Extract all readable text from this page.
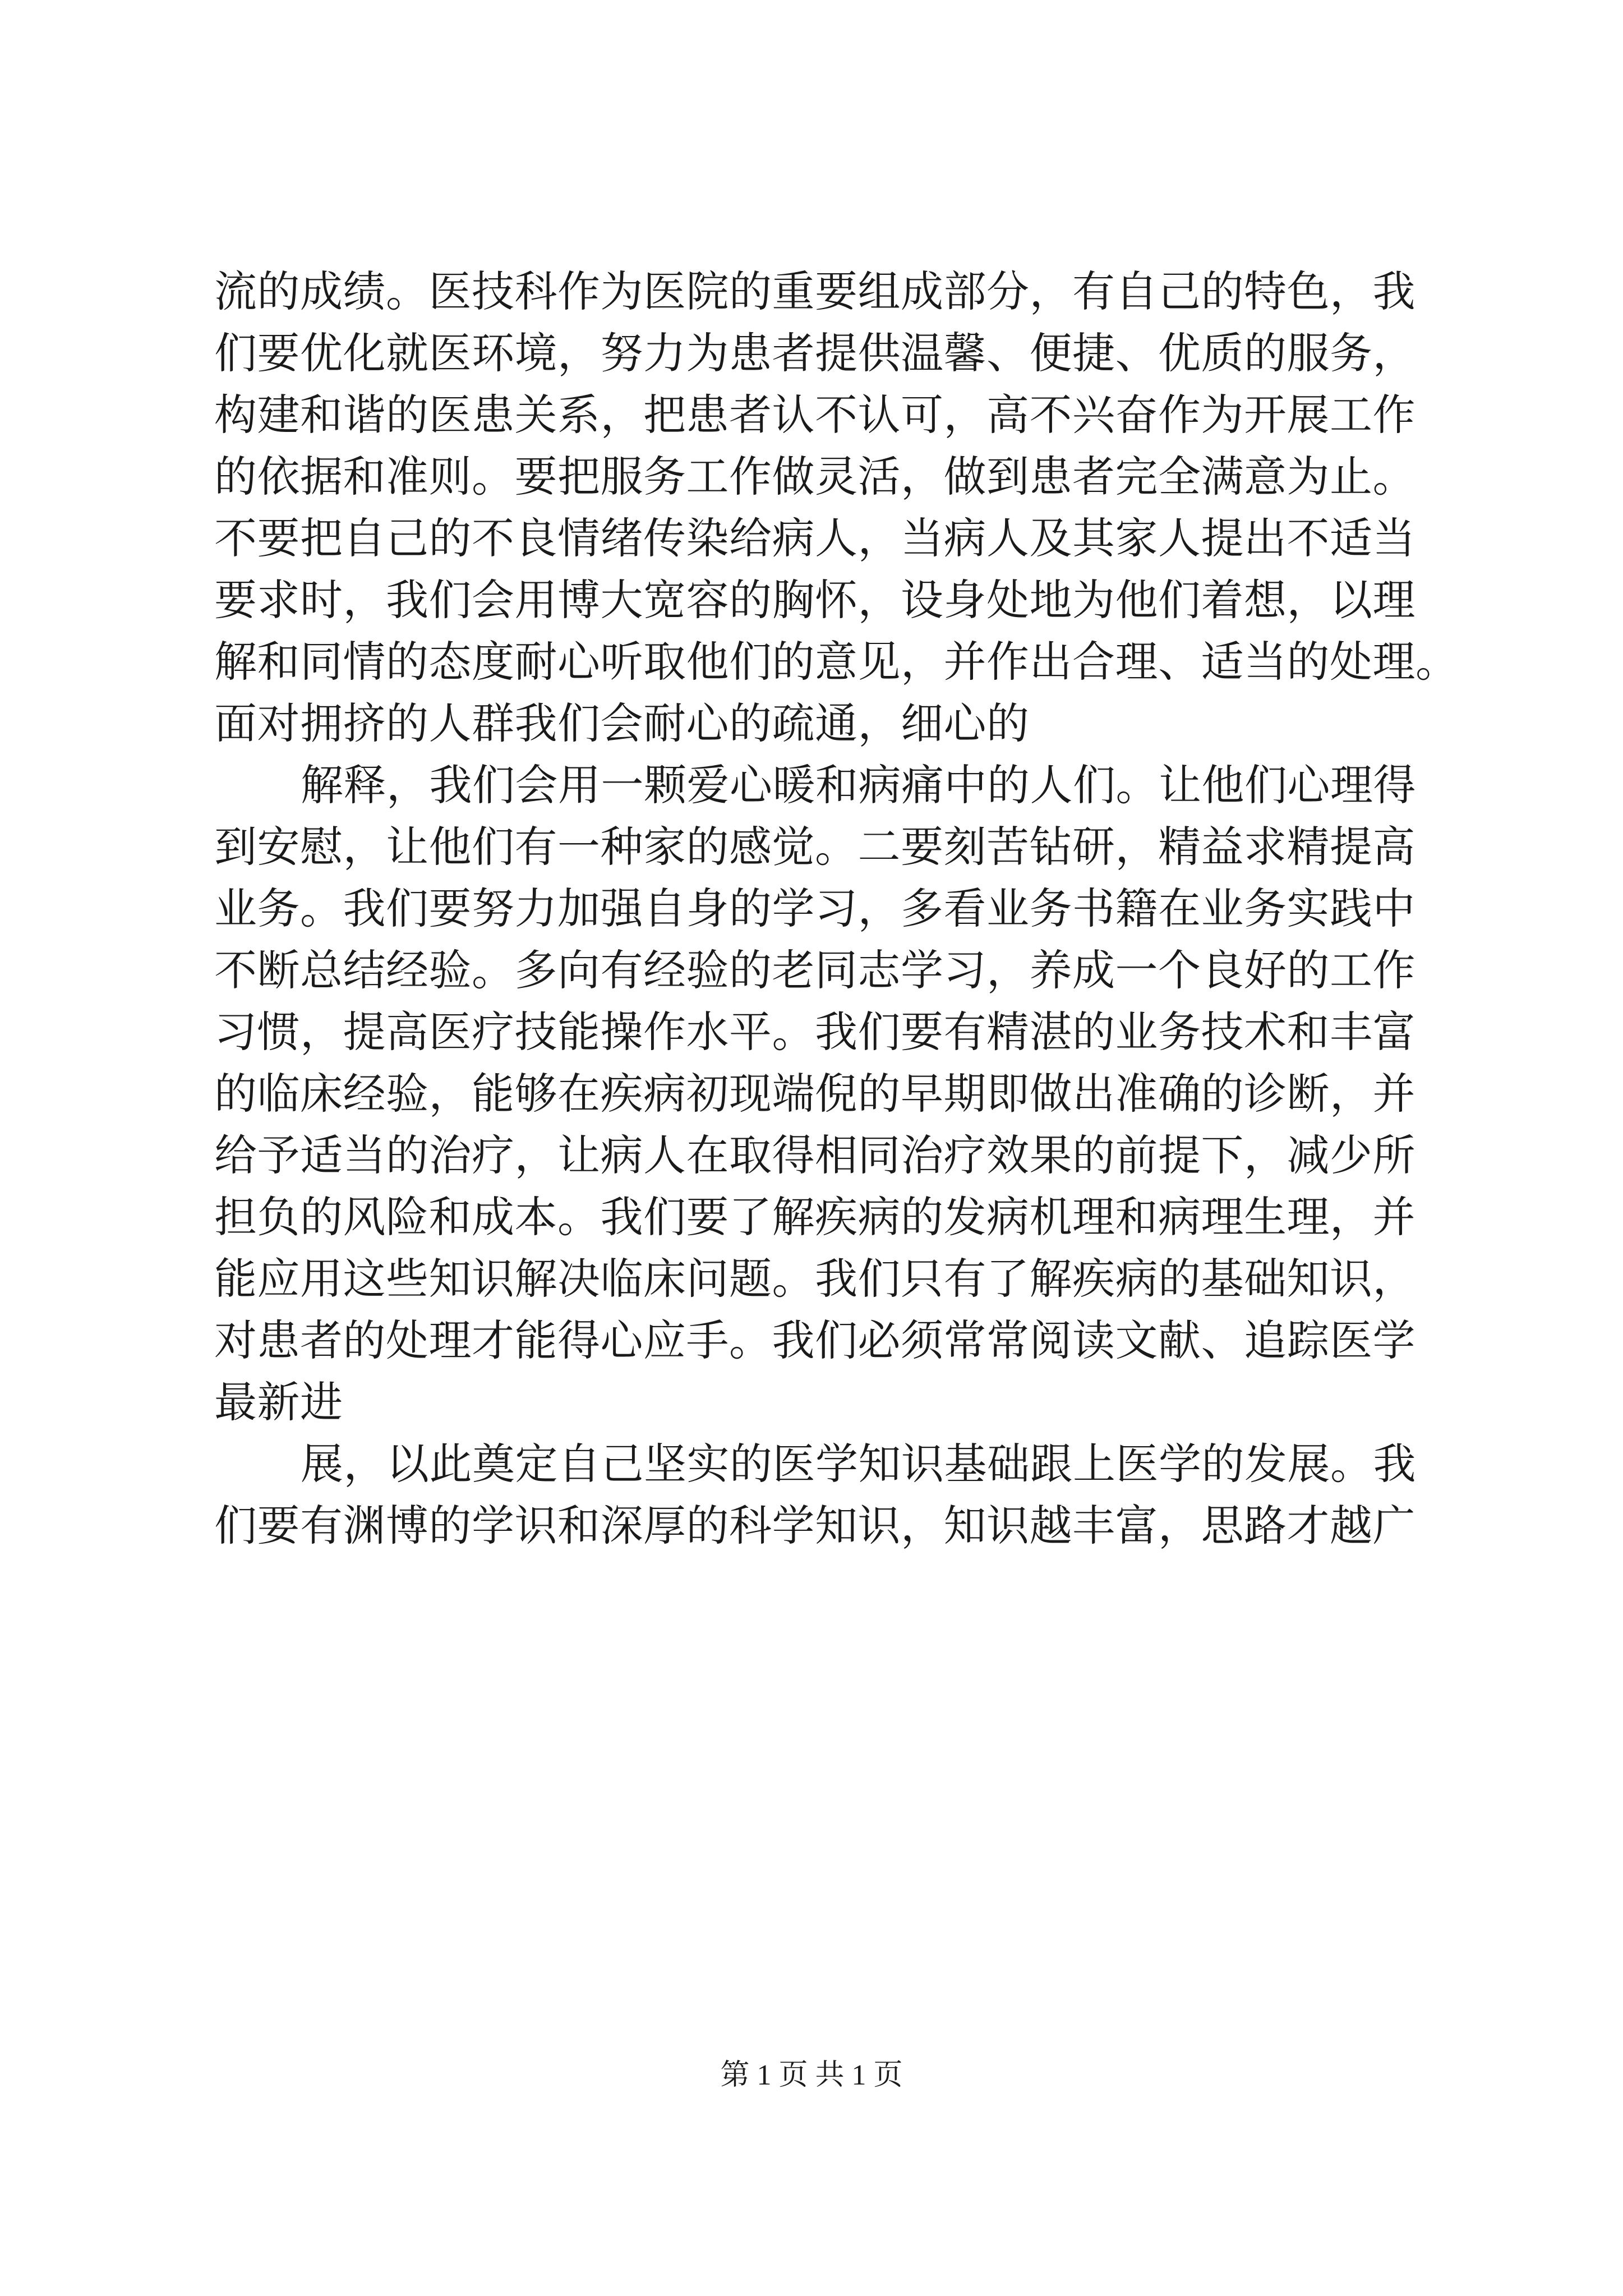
流的成绩。医技科作为医院的重要组成部分，有自己的特色，我
们要优化就医环境，努力为患者提供温馨、便捷、优质的服务，
构建和谐的医患关系，把患者认不认可，高不兴奋作为开展工作
的依据和准则。要把服务工作做灵活，做到患者完全满意为止。
不要把自己的不良情绪传染给病人，当病人及其家人提出不适当
要求时，我们会用博大宽容的胸怀，设身处地为他们着想，以理
解和同情的态度耐心听取他们的意见，并作出合理、适当的处理。
面对拥挤的人群我们会耐心的疏通，细心的
解释，我们会用一颗爱心暖和病痛中的人们。让他们心理得
到安慰，让他们有一种家的感觉。二要刻苦钻研，精益求精提高
业务。我们要努力加强自身的学习，多看业务书籍在业务实践中
不断总结经验。多向有经验的老同志学习，养成一个良好的工作
习惯，提高医疗技能操作水平。我们要有精湛的业务技术和丰富
的临床经验，能够在疾病初现端倪的早期即做出准确的诊断，并
给予适当的治疗，让病人在取得相同治疗效果的前提下，减少所
担负的风险和成本。我们要了解疾病的发病机理和病理生理，并
能应用这些知识解决临床问题。我们只有了解疾病的基础知识，
对患者的处理才能得心应手。我们必须常常阅读文献、追踪医学
最新进
展，以此奠定自己坚实的医学知识基础跟上医学的发展。我
们要有渊博的学识和深厚的科学知识，知识越丰富，思路才越广
第 1 页 共 1 页
